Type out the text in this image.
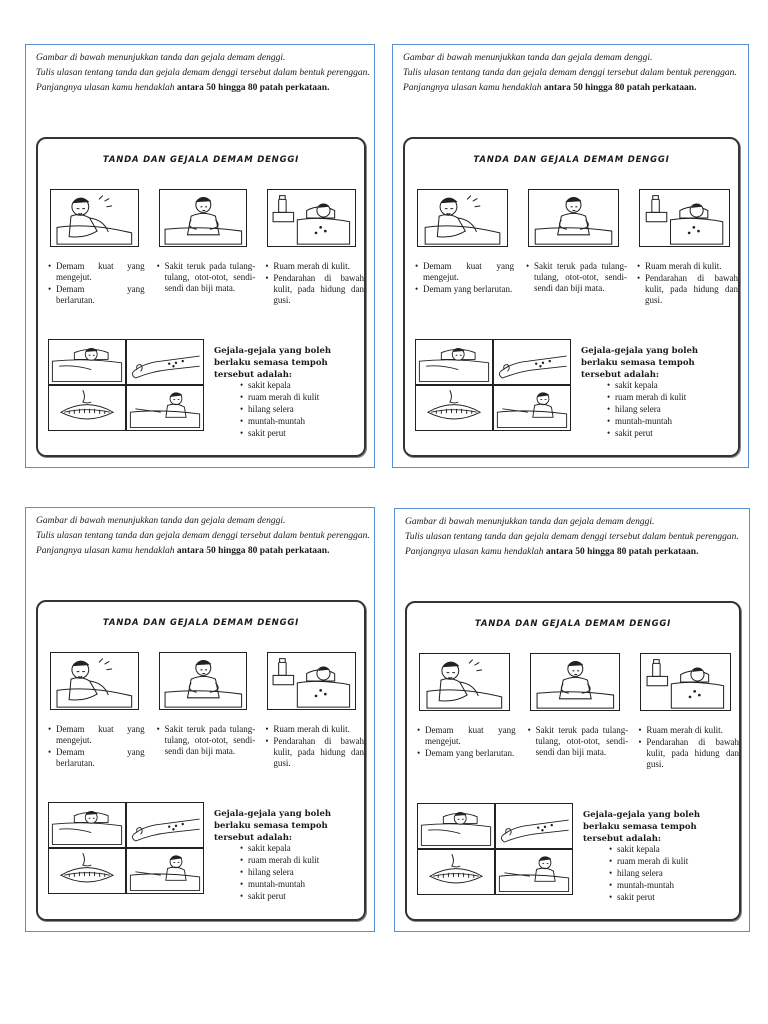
Gambar di bawah menunjukkan tanda dan gejala demam denggi.
Tulis ulasan tentang tanda dan gejala demam denggi tersebut dalam bentuk perenggan.
Panjangnya ulasan kamu hendaklah antara 50 hingga 80 patah perkataan.
TANDA DAN GEJALA DEMAM DENGGI
• Demam kuat yang mengejut.
• Demam yang berlarutan.
• Sakit teruk pada tulang-tulang, otot-otot, sendi-sendi dan biji mata.
• Ruam merah di kulit.
• Pendarahan di bawah kulit, pada hidung dan gusi.
Gejala-gejala yang boleh berlaku semasa tempoh tersebut adalah:
• sakit kepala
• ruam merah di kulit
• hilang selera
• muntah-muntah
• sakit perut
Gambar di bawah menunjukkan tanda dan gejala demam denggi.
Tulis ulasan tentang tanda dan gejala demam denggi tersebut dalam bentuk perenggan.
Panjangnya ulasan kamu hendaklah antara 50 hingga 80 patah perkataan.
TANDA DAN GEJALA DEMAM DENGGI
• Demam kuat yang mengejut.
• Demam yang berlarutan.
• Sakit teruk pada tulang-tulang, otot-otot, sendi-sendi dan biji mata.
• Ruam merah di kulit.
• Pendarahan di bawah kulit, pada hidung dan gusi.
Gejala-gejala yang boleh berlaku semasa tempoh tersebut adalah:
• sakit kepala
• ruam merah di kulit
• hilang selera
• muntah-muntah
• sakit perut
Gambar di bawah menunjukkan tanda dan gejala demam denggi.
Tulis ulasan tentang tanda dan gejala demam denggi tersebut dalam bentuk perenggan.
Panjangnya ulasan kamu hendaklah antara 50 hingga 80 patah perkataan.
TANDA DAN GEJALA DEMAM DENGGI
• Demam kuat yang mengejut.
• Demam yang berlarutan.
• Sakit teruk pada tulang-tulang, otot-otot, sendi-sendi dan biji mata.
• Ruam merah di kulit.
• Pendarahan di bawah kulit, pada hidung dan gusi.
Gejala-gejala yang boleh berlaku semasa tempoh tersebut adalah:
• sakit kepala
• ruam merah di kulit
• hilang selera
• muntah-muntah
• sakit perut
Gambar di bawah menunjukkan tanda dan gejala demam denggi.
Tulis ulasan tentang tanda dan gejala demam denggi tersebut dalam bentuk perenggan.
Panjangnya ulasan kamu hendaklah antara 50 hingga 80 patah perkataan.
TANDA DAN GEJALA DEMAM DENGGI
• Demam kuat yang mengejut.
• Demam yang berlarutan.
• Sakit teruk pada tulang-tulang, otot-otot, sendi-sendi dan biji mata.
• Ruam merah di kulit.
• Pendarahan di bawah kulit, pada hidung dan gusi.
Gejala-gejala yang boleh berlaku semasa tempoh tersebut adalah:
• sakit kepala
• ruam merah di kulit
• hilang selera
• muntah-muntah
• sakit perut
